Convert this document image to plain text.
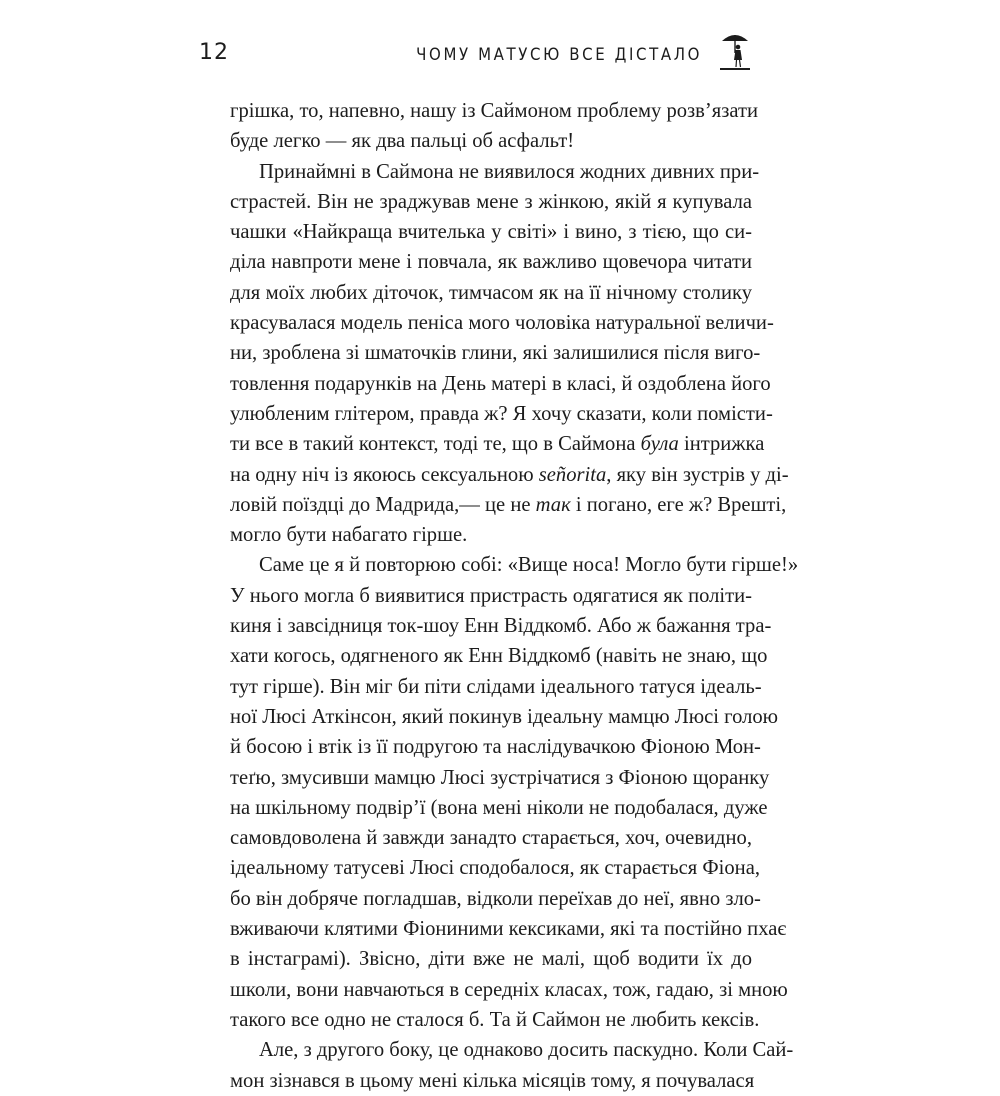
12	ЧОМУ МАТУСЮ ВСЕ ДІСТАЛО
грішка, то, напевно, нашу із Саймоном проблему розв’язати
буде легко — як два пальці об асфальт!
Принаймні в Саймона не виявилося жодних дивних при-
страстей. Він не зраджував мене з жінкою, якій я купувала
чашки «Найкраща вчителька у світі» і вино, з тією, що си-
діла навпроти мене і повчала, як важливо щовечора читати
для моїх любих діточок, тимчасом як на її нічному столику
красувалася модель пеніса мого чоловіка натуральної величи-
ни, зроблена зі шматочків глини, які залишилися після виго-
товлення подарунків на День матері в класі, й оздоблена його
улюбленим глітером, правда ж? Я хочу сказати, коли помісти-
ти все в такий контекст, тоді те, що в Саймона була інтрижка
на одну ніч із якоюсь сексуальною señorita, яку він зустрів у ді-
ловій поїздці до Мадрида,— це не так і погано, еге ж? Врешті,
могло бути набагато гірше.
Саме це я й повторюю собі: «Вище носа! Могло бути гірше!»
У нього могла б виявитися пристрасть одягатися як політи-
киня і завсідниця ток-шоу Енн Віддкомб. Або ж бажання тра-
хати когось, одягненого як Енн Віддкомб (навіть не знаю, що
тут гірше). Він міг би піти слідами ідеального татуся ідеаль-
ної Люсі Аткінсон, який покинув ідеальну мамцю Люсі голою
й босою і втік із її подругою та наслідувачкою Фіоною Мон-
теґю, змусивши мамцю Люсі зустрічатися з Фіоною щоранку
на шкільному подвір’ї (вона мені ніколи не подобалася, дуже
самовдоволена й завжди занадто старається, хоч, очевидно,
ідеальному татусеві Люсі сподобалося, як старається Фіона,
бо він добряче погладшав, відколи переїхав до неї, явно зло-
вживаючи клятими Фіониними кексиками, які та постійно пхає
в інстаграмі). Звісно, діти вже не малі, щоб водити їх до
школи, вони навчаються в середніх класах, тож, гадаю, зі мною
такого все одно не сталося б. Та й Саймон не любить кексів.
Але, з другого боку, це однаково досить паскудно. Коли Сай-
мон зізнався в цьому мені кілька місяців тому, я почувалася
